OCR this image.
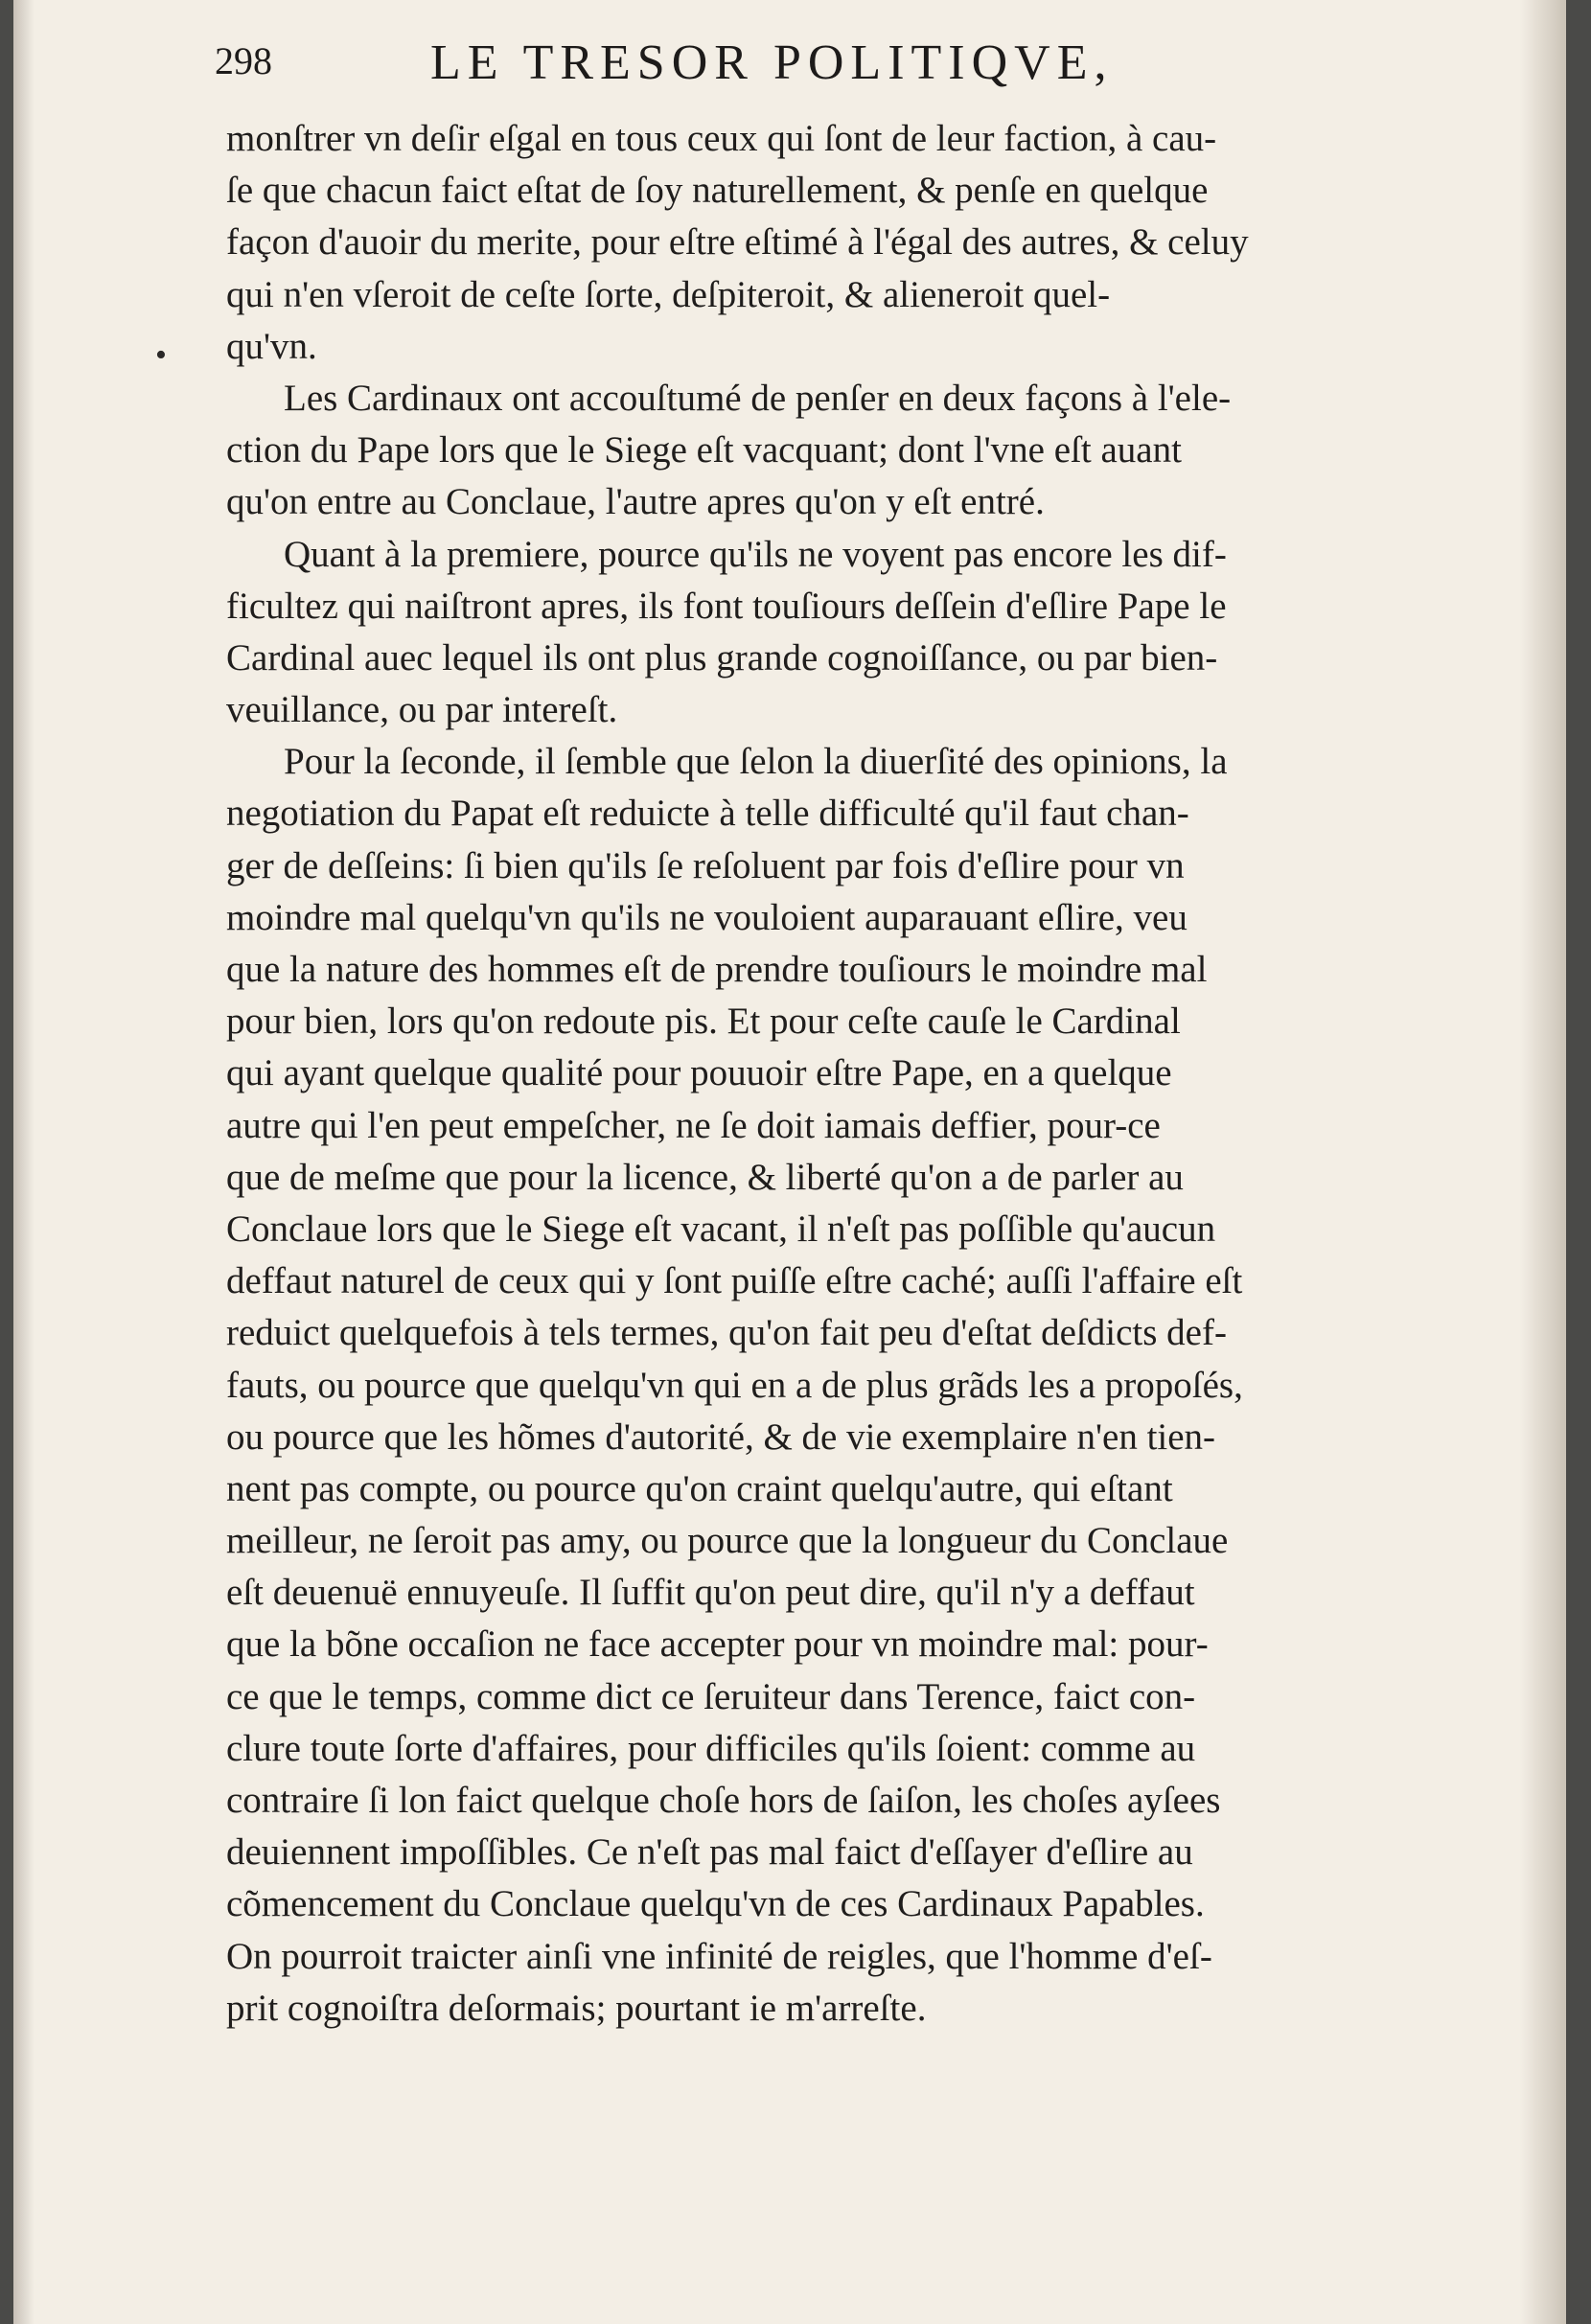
298	LE TRESOR POLITIQVE,
•
monſtrer vn deſir eſgal en tous ceux qui ſont de leur faction, à cau-
ſe que chacun faict eſtat de ſoy naturellement, & penſe en quelque
façon d'auoir du merite, pour eſtre eſtimé à l'égal des autres, & celuy
qui n'en vſeroit de ceſte ſorte, deſpiteroit, & alieneroit quel-
qu'vn.
Les Cardinaux ont accouſtumé de penſer en deux façons à l'ele-
ction du Pape lors que le Siege eſt vacquant; dont l'vne eſt auant
qu'on entre au Conclaue, l'autre apres qu'on y eſt entré.
Quant à la premiere, pource qu'ils ne voyent pas encore les dif-
ficultez qui naiſtront apres, ils font touſiours deſſein d'eſlire Pape le
Cardinal auec lequel ils ont plus grande cognoiſſance, ou par bien-
veuillance, ou par intereſt.
Pour la ſeconde, il ſemble que ſelon la diuerſité des opinions, la
negotiation du Papat eſt reduicte à telle difficulté qu'il faut chan-
ger de deſſeins: ſi bien qu'ils ſe reſoluent par fois d'eſlire pour vn
moindre mal quelqu'vn qu'ils ne vouloient auparauant eſlire, veu
que la nature des hommes eſt de prendre touſiours le moindre mal
pour bien, lors qu'on redoute pis. Et pour ceſte cauſe le Cardinal
qui ayant quelque qualité pour pouuoir eſtre Pape, en a quelque
autre qui l'en peut empeſcher, ne ſe doit iamais deffier, pour-ce
que de meſme que pour la licence, & liberté qu'on a de parler au
Conclaue lors que le Siege eſt vacant, il n'eſt pas poſſible qu'aucun
deffaut naturel de ceux qui y ſont puiſſe eſtre caché; auſſi l'affaire eſt
reduict quelquefois à tels termes, qu'on fait peu d'eſtat deſdicts def-
fauts, ou pource que quelqu'vn qui en a de plus grãds les a propoſés,
ou pource que les hõmes d'autorité, & de vie exemplaire n'en tien-
nent pas compte, ou pource qu'on craint quelqu'autre, qui eſtant
meilleur, ne ſeroit pas amy, ou pource que la longueur du Conclaue
eſt deuenuë ennuyeuſe. Il ſuffit qu'on peut dire, qu'il n'y a deffaut
que la bõne occaſion ne face accepter pour vn moindre mal: pour-
ce que le temps, comme dict ce ſeruiteur dans Terence, faict con-
clure toute ſorte d'affaires, pour difficiles qu'ils ſoient: comme au
contraire ſi lon faict quelque choſe hors de ſaiſon, les choſes ayſees
deuiennent impoſſibles. Ce n'eſt pas mal faict d'eſſayer d'eſlire au
cõmencement du Conclaue quelqu'vn de ces Cardinaux Papables.
On pourroit traicter ainſi vne infinité de reigles, que l'homme d'eſ-
prit cognoiſtra deſormais; pourtant ie m'arreſte.
